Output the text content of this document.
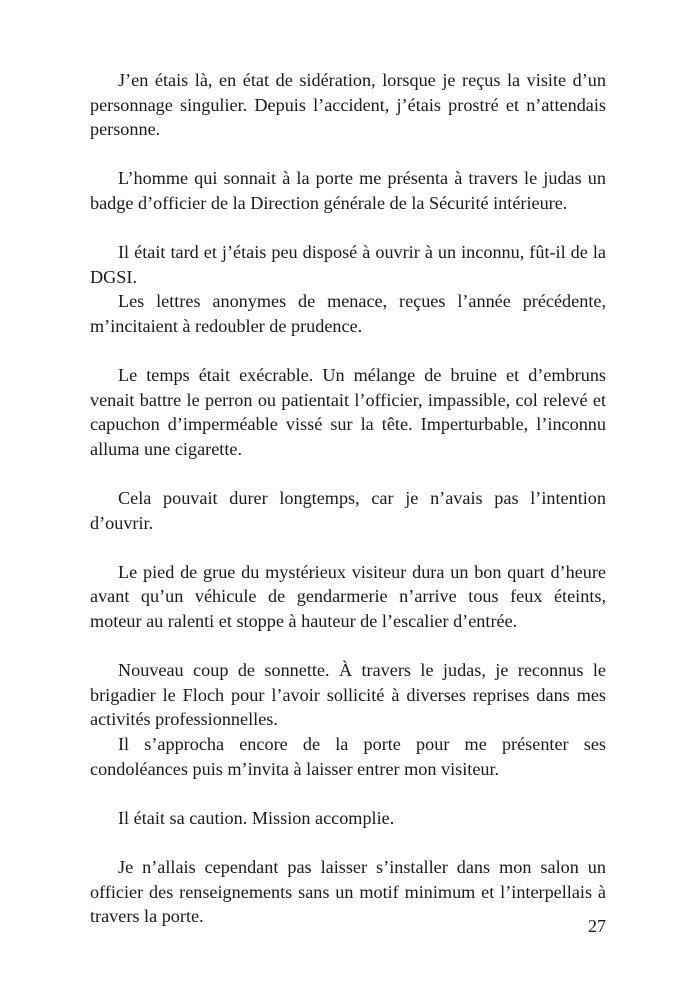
J’en étais là, en état de sidération, lorsque je reçus la visite d’un personnage singulier. Depuis l’accident, j’étais prostré et n’attendais personne.

L’homme qui sonnait à la porte me présenta à travers le judas un badge d’officier de la Direction générale de la Sécurité intérieure.

Il était tard et j’étais peu disposé à ouvrir à un inconnu, fût-il de la DGSI.

Les lettres anonymes de menace, reçues l’année précédente, m’incitaient à redoubler de prudence.

Le temps était exécrable. Un mélange de bruine et d’embruns venait battre le perron ou patientait l’officier, impassible, col relevé et capuchon d’imperméable vissé sur la tête. Imperturbable, l’inconnu alluma une cigarette.

Cela pouvait durer longtemps, car je n’avais pas l’intention d’ouvrir.

Le pied de grue du mystérieux visiteur dura un bon quart d’heure avant qu’un véhicule de gendarmerie n’arrive tous feux éteints, moteur au ralenti et stoppe à hauteur de l’escalier d’entrée.

Nouveau coup de sonnette. À travers le judas, je reconnus le brigadier le Floch pour l’avoir sollicité à diverses reprises dans mes activités professionnelles.

Il s’approcha encore de la porte pour me présenter ses condoléances puis m’invita à laisser entrer mon visiteur.

Il était sa caution. Mission accomplie.

Je n’allais cependant pas laisser s’installer dans mon salon un officier des renseignements sans un motif minimum et l’interpellais à travers la porte.	27
